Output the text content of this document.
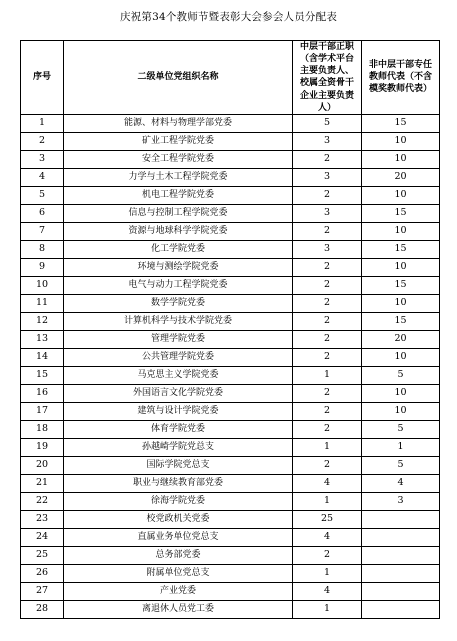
庆祝第34个教师节暨表彰大会参会人员分配表
序号	二级单位党组织名称	中层干部正职（含学术平台主要负责人、校属全资骨干企业主要负责人）	非中层干部专任教师代表（不含模奖教师代表）
1	能源、材料与物理学部党委	5	15
2	矿业工程学院党委	3	10
3	安全工程学院党委	2	10
4	力学与土木工程学院党委	3	20
5	机电工程学院党委	2	10
6	信息与控制工程学院党委	3	15
7	资源与地球科学学院党委	2	10
8	化工学院党委	3	15
9	环境与测绘学院党委	2	10
10	电气与动力工程学院党委	2	15
11	数学学院党委	2	10
12	计算机科学与技术学院党委	2	15
13	管理学院党委	2	20
14	公共管理学院党委	2	10
15	马克思主义学院党委	1	5
16	外国语言文化学院党委	2	10
17	建筑与设计学院党委	2	10
18	体育学院党委	2	5
19	孙越崎学院党总支	1	1
20	国际学院党总支	2	5
21	职业与继续教育部党委	4	4
22	徐海学院党委	1	3
23	校党政机关党委	25	
24	直属业务单位党总支	4	
25	总务部党委	2	
26	附属单位党总支	1	
27	产业党委	4	
28	离退休人员党工委	1	
